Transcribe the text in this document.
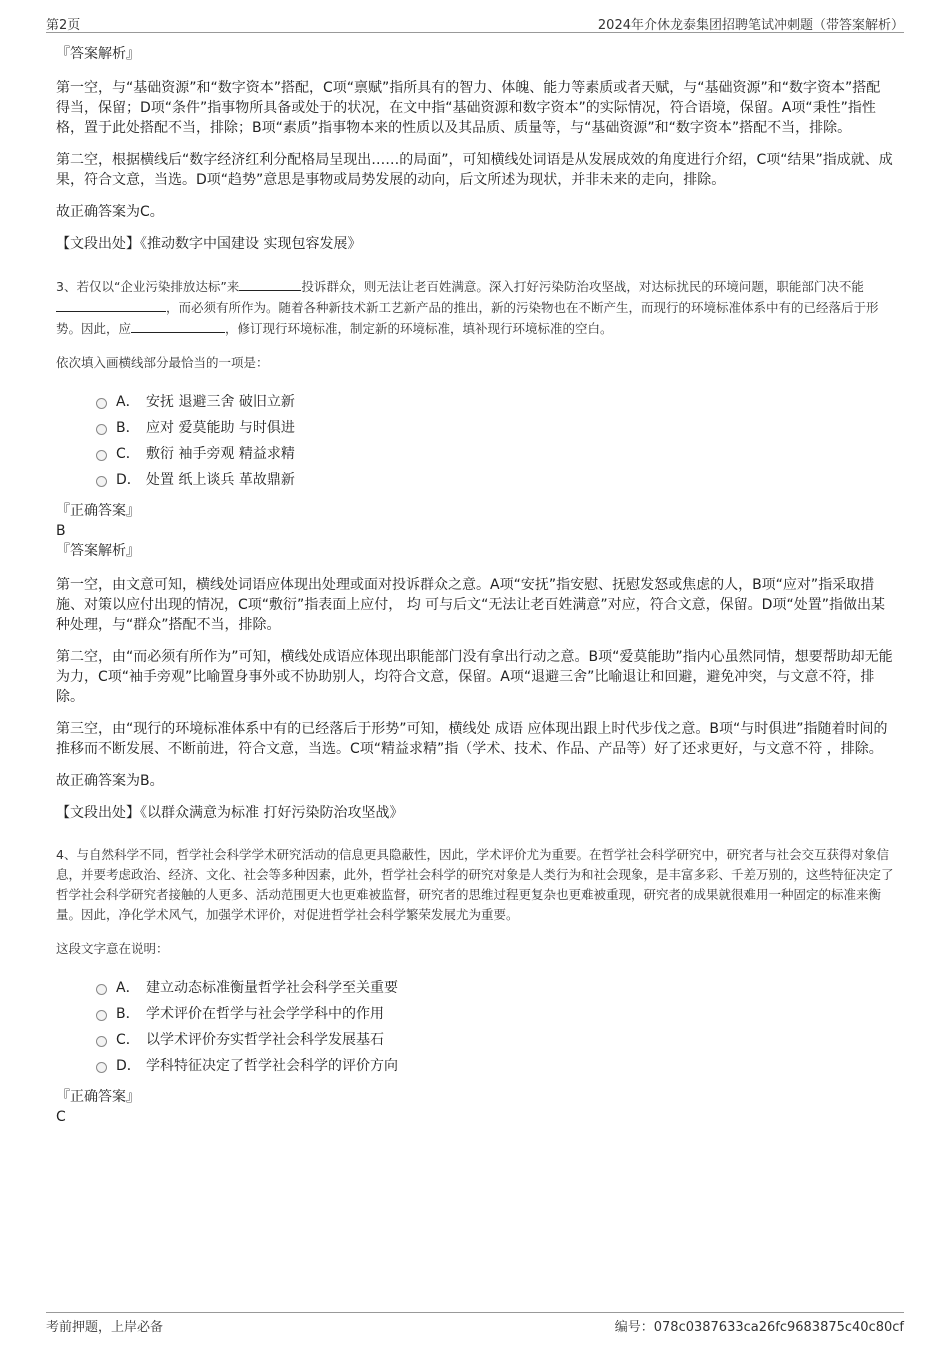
第2页	2024年介休龙泰集团招聘笔试冲刺题（带答案解析）

『答案解析』

第一空，与“基础资源”和“数字资本”搭配，C项“禀赋”指所具有的智力、体魄、能力等素质或者天赋，与“基础资源”和“数字资本”搭配得当，保留；D项“条件”指事物所具备或处于的状况，在文中指“基础资源和数字资本”的实际情况，符合语境，保留。A项“秉性”指性格，置于此处搭配不当，排除；B项“素质”指事物本来的性质以及其品质、质量等，与“基础资源”和“数字资本”搭配不当，排除。

第二空，根据横线后“数字经济红利分配格局呈现出……的局面”，可知横线处词语是从发展成效的角度进行介绍，C项“结果”指成就、成果，符合文意，当选。D项“趋势”意思是事物或局势发展的动向，后文所述为现状，并非未来的走向，排除。

故正确答案为C。

【文段出处】《推动数字中国建设 实现包容发展》

3、若仅以“企业污染排放达标”来	投诉群众，则无法让老百姓满意。深入打好污染防治攻坚战，对达标扰民的环境问题，职能部门决不能，而必须有所作为。随着各种新技术新工艺新产品的推出，新的污染物也在不断产生，而现行的环境标准体系中有的已经落后于形势。因此，应	，修订现行环境标准，制定新的环境标准，填补现行环境标准的空白。

依次填入画横线部分最恰当的一项是：

A． 安抚 退避三舍 破旧立新
B． 应对 爱莫能助 与时俱进
C． 敷衍 袖手旁观 精益求精
D． 处置 纸上谈兵 革故鼎新

『正确答案』

B

『答案解析』

第一空，由文意可知，横线处词语应体现出处理或面对投诉群众之意。A项“安抚”指安慰、抚慰发怒或焦虑的人，B项“应对”指采取措施、对策以应付出现的情况，C项“敷衍”指表面上应付， 均 可与后文“无法让老百姓满意”对应，符合文意，保留。D项“处置”指做出某种处理，与“群众”搭配不当，排除。

第二空，由“而必须有所作为”可知，横线处成语应体现出职能部门没有拿出行动之意。B项“爱莫能助”指内心虽然同情，想要帮助却无能为力，C项“袖手旁观”比喻置身事外或不协助别人，均符合文意，保留。A项“退避三舍”比喻退让和回避，避免冲突，与文意不符，排除。

第三空，由“现行的环境标准体系中有的已经落后于形势”可知，横线处 成语 应体现出跟上时代步伐之意。B项“与时俱进”指随着时间的推移而不断发展、不断前进，符合文意，当选。C项“精益求精”指（学术、技术、作品、产品等）好了还求更好，与文意不符 ，排除。

故正确答案为B。

【文段出处】《以群众满意为标准 打好污染防治攻坚战》

4、与自然科学不同，哲学社会科学学术研究活动的信息更具隐蔽性，因此，学术评价尤为重要。在哲学社会科学研究中，研究者与社会交互获得对象信息，并要考虑政治、经济、文化、社会等多种因素，此外，哲学社会科学的研究对象是人类行为和社会现象，是丰富多彩、千差万别的，这些特征决定了哲学社会科学研究者接触的人更多、活动范围更大也更难被监督，研究者的思维过程更复杂也更难被重现，研究者的成果就很难用一种固定的标准来衡量。因此，净化学术风气，加强学术评价，对促进哲学社会科学繁荣发展尤为重要。

这段文字意在说明：

A． 建立动态标准衡量哲学社会科学至关重要
B． 学术评价在哲学与社会学学科中的作用
C． 以学术评价夯实哲学社会科学发展基石
D． 学科特征决定了哲学社会科学的评价方向

『正确答案』

C

考前押题，上岸必备	编号：078c0387633ca26fc9683875c40c80cf
